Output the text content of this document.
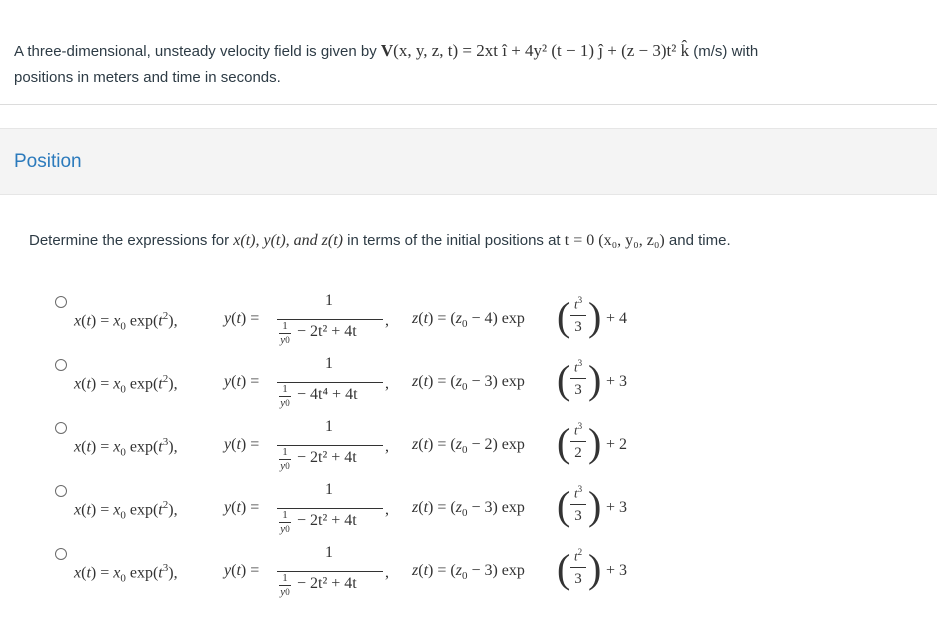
A three-dimensional, unsteady velocity field is given by V(x, y, z, t) = 2xt î + 4y² (t − 1) ĵ + (z − 3)t² k̂ (m/s) with
positions in meters and time in seconds.
Position
Determine the expressions for x(t), y(t), and z(t) in terms of the initial positions at t = 0 (x₀, y₀, z₀) and time.
$x(t) = x_0$ $\exp(t^2)$,	y(t) =
1
1
y0 − 2t² + 4t
, $z(t) = (z_0 - 4)$ exp ( $t^3$
3 ) + 4
$x(t) = x_0$ $\exp(t^2)$,	y(t) =
1
1
y0 − 4t⁴ + 4t
, $z(t) = (z_0 - 3)$ exp ( $t^3$
3 ) + 3
$x(t) = x_0$ $\exp(t^3)$,	y(t) =
1
1
y0 − 2t² + 4t
, $z(t) = (z_0 - 2)$ exp ( $t^3$
2 ) + 2
$x(t) = x_0$ $\exp(t^2)$,	y(t) =
1
1
y0 − 2t² + 4t
, $z(t) = (z_0 - 3)$ exp ( $t^3$
3 ) + 3
$x(t) = x_0$ $\exp(t^3)$,	y(t) =
1
1
y0 − 2t² + 4t
, $z(t) = (z_0 - 3)$ exp ( $t^2$
3 ) + 3
